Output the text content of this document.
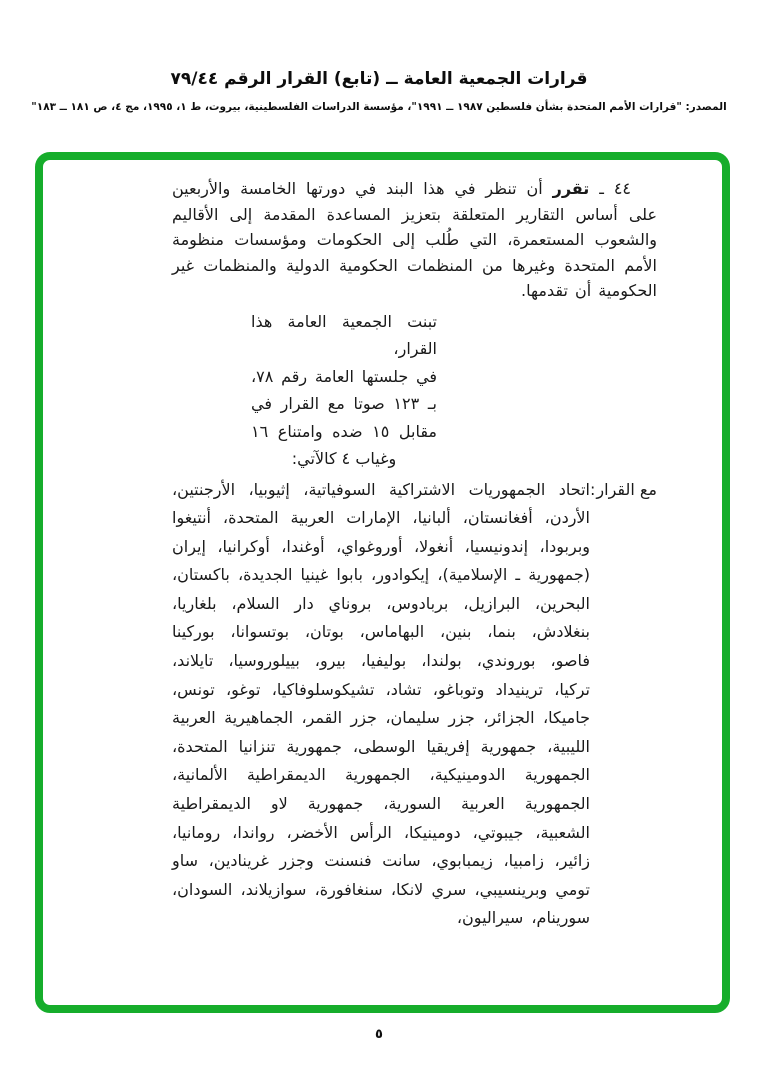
قرارات الجمعية العامة ــ (تابع) القرار الرقم ٧٩/٤٤
المصدر: "قرارات الأمم المتحدة بشأن فلسطين ١٩٨٧ ــ ١٩٩١"، مؤسسة الدراسات الفلسطينية، بيروت، ط ١، ١٩٩٥، مج ٤، ص ١٨١ ــ ١٨٣"

٤٤ ـ تقرر أن تنظر في هذا البند في دورتها الخامسة والأربعين على أساس التقارير المتعلقة بتعزيز المساعدة المقدمة إلى الأقاليم والشعوب المستعمرة، التي طُلب إلى الحكومات ومؤسسات منظومة الأمم المتحدة وغيرها من المنظمات الحكومية الدولية والمنظمات غير الحكومية أن تقدمها.

تبنت الجمعية العامة هذا القرار،
في جلستها العامة رقم ٧٨،
بـ ١٢٣ صوتا مع القرار في
مقابل ١٥ ضده وامتناع ١٦
وغياب ٤ كالآتي:
مع القرار
:
اتحاد الجمهوريات الاشتراكية السوفياتية، إثيوبيا، الأرجنتين، الأردن، أفغانستان، ألبانيا، الإمارات العربية المتحدة، أنتيغوا وبربودا، إندونيسيا، أنغولا، أوروغواي، أوغندا، أوكرانيا، إيران (جمهورية ـ الإسلامية)، إيكوادور، بابوا غينيا الجديدة، باكستان، البحرين، البرازيل، بربادوس، بروناي دار السلام، بلغاريا، بنغلادش، بنما، بنين، البهاماس، بوتان، بوتسوانا، بوركينا فاصو، بوروندي، بولندا، بوليفيا، بيرو، بييلوروسيا، تايلاند، تركيا، ترينيداد وتوباغو، تشاد، تشيكوسلوفاكيا، توغو، تونس، جاميكا، الجزائر، جزر سليمان، جزر القمر، الجماهيرية العربية الليبية، جمهورية إفريقيا الوسطى، جمهورية تنزانيا المتحدة، الجمهورية الدومينيكية، الجمهورية الديمقراطية الألمانية، الجمهورية العربية السورية، جمهورية لاو الديمقراطية الشعبية، جيبوتي، دومينيكا، الرأس الأخضر، رواندا، رومانيا، زائير، زامبيا، زيمبابوي، سانت فنسنت وجزر غرينادين، ساو تومي وبرينسيبي، سري لانكا، سنغافورة، سوازيلاند، السودان، سورينام، سيراليون،
٥
